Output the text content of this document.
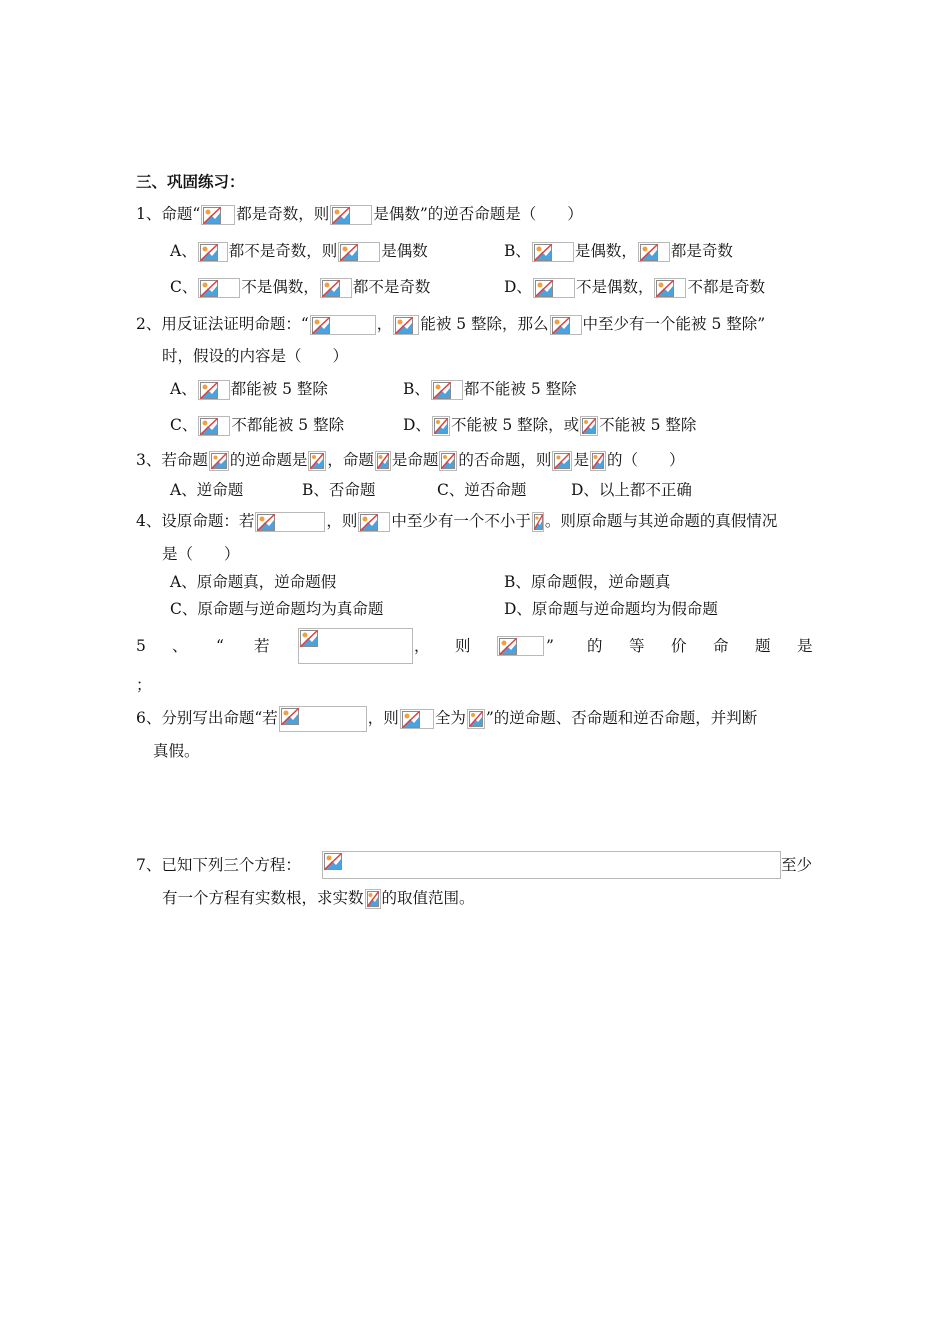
三、巩固练习：
1、命题“ 都是奇数，则	是偶数”的逆否命题是（　　）
A、 都不是奇数，则	是偶数	B、	是偶数， 都是奇数
C、	不是偶数， 都不是奇数	D、	不是偶数， 不都是奇数
2、用反证法证明命题：“	， 能被 5 整除，那么 中至少有一个能被 5 整除”
时，假设的内容是（　　）
A、 都能被 5 整除	B、 都不能被 5 整除
C、 不都能被 5 整除	D、 不能被 5 整除，或 不能被 5 整除
3、若命题 的逆命题是 ，命题 是命题 的否命题，则 是 的（　　）
A、逆命题	B、否命题	C、逆否命题	D、以上都不正确
4、设原命题：若	，则 中至少有一个不小于 。则原命题与其逆命题的真假情况
是（　　）
A、原命题真，逆命题假	B、原命题假，逆命题真
C、原命题与逆命题均为真命题	D、原命题与逆命题均为假命题
5 、 “ 若	， 则	” 的 等 价 命 题 是
；
6、分别写出命题“若	，则 全为 ”的逆命题、否命题和逆否命题，并判断
真假。
7、已知下列三个方程：	至少
有一个方程有实数根，求实数 的取值范围。
